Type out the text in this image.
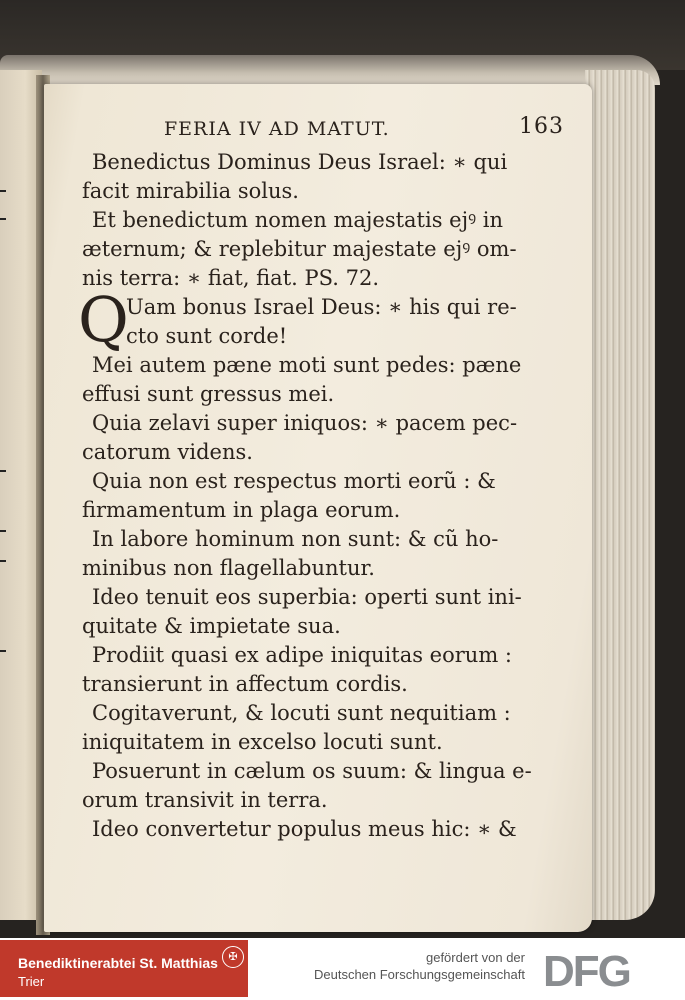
FERIA IV AD MATUT.	163
Benedictus Dominus Deus Israel: ∗ qui
facit mirabilia solus.
Et benedictum nomen majestatis ejꝰ in
æternum; & replebitur majestate ejꝰ om-
nis terra: ∗ fiat, fiat. PS. 72.
Q
Uam bonus Israel Deus: ∗ his qui re-
cto sunt corde!
Mei autem pæne moti sunt pedes: pæne
effusi sunt gressus mei.
Quia zelavi super iniquos: ∗ pacem pec-
catorum videns.
Quia non est respectus morti eorũ : &
firmamentum in plaga eorum.
In labore hominum non sunt: & cũ ho-
minibus non flagellabuntur.
Ideo tenuit eos superbia: operti sunt ini-
quitate & impietate sua.
Prodiit quasi ex adipe iniquitas eorum :
transierunt in affectum cordis.
Cogitaverunt, & locuti sunt nequitiam :
iniquitatem in excelso locuti sunt.
Posuerunt in cælum os suum: & lingua e-
orum transivit in terra.
Ideo convertetur populus meus hic: ∗ &
Benediktinerabtei St. Matthias
Trier
✠	gefördert von der
Deutschen Forschungsgemeinschaft DFG
